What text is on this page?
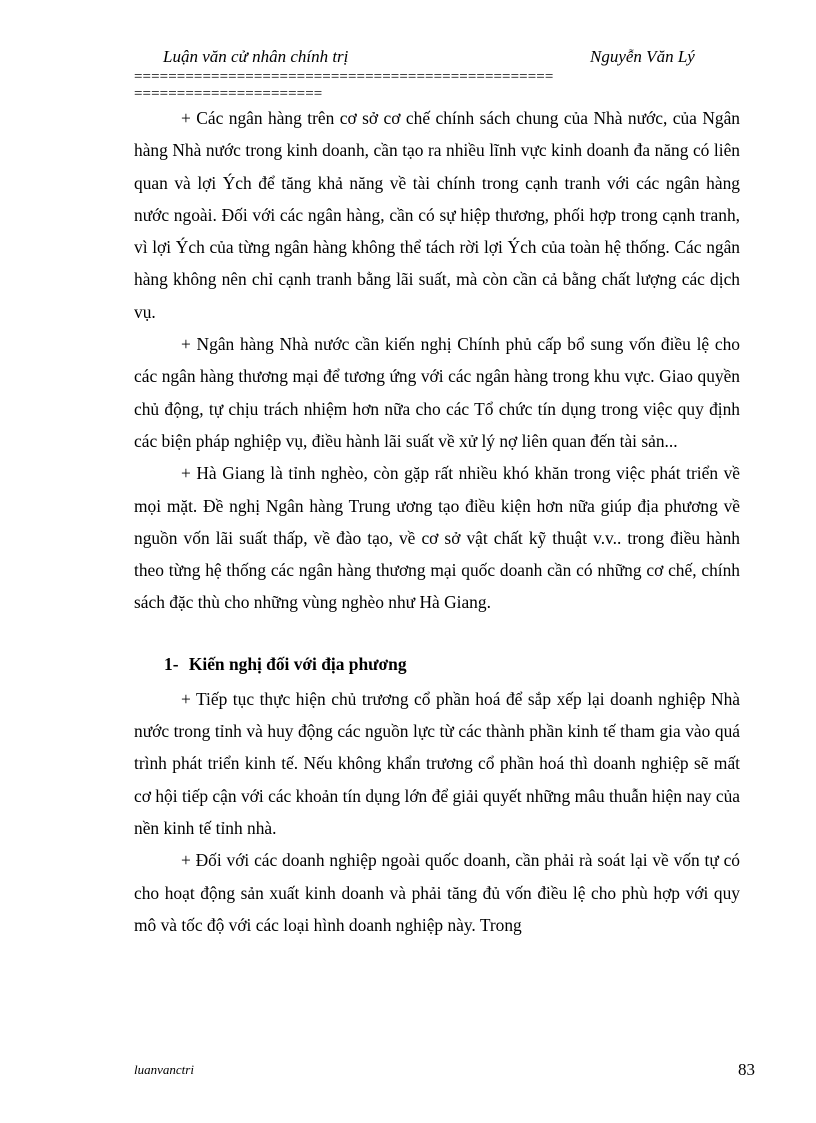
Luận văn cử nhân chính trị	Nguyễn Văn Lý
=================================================
======================

+ Các ngân hàng trên cơ sở cơ chế chính sách chung của Nhà nước, của Ngân hàng Nhà nước trong kinh doanh, cần tạo ra nhiều lĩnh vực kinh doanh đa năng có liên quan và lợi Ých để tăng khả năng về tài chính trong cạnh tranh với các ngân hàng nước ngoài. Đối với các ngân hàng, cần có sự hiệp thương, phối hợp trong cạnh tranh, vì lợi Ých của từng ngân hàng không thể tách rời lợi Ých của toàn hệ thống. Các ngân hàng không nên chỉ cạnh tranh bằng lãi suất, mà còn cần cả bằng chất lượng các dịch vụ.

+ Ngân hàng Nhà nước cần kiến nghị Chính phủ cấp bổ sung vốn điều lệ cho các ngân hàng thương mại để tương ứng với các ngân hàng trong khu vực. Giao quyền chủ động, tự chịu trách nhiệm hơn nữa cho các Tổ chức tín dụng trong việc quy định các biện pháp nghiệp vụ, điều hành lãi suất về xử lý nợ liên quan đến tài sản...

+ Hà Giang là tỉnh nghèo, còn gặp rất nhiều khó khăn trong việc phát triển về mọi mặt. Đề nghị Ngân hàng Trung ương tạo điều kiện hơn nữa giúp địa phương về nguồn vốn lãi suất thấp, về đào tạo, về cơ sở vật chất kỹ thuật v.v.. trong điều hành theo từng hệ thống các ngân hàng thương mại quốc doanh cần có những cơ chế, chính sách đặc thù cho những vùng nghèo như Hà Giang.

1- Kiến nghị đối với địa phương

+ Tiếp tục thực hiện chủ trương cổ phần hoá để sắp xếp lại doanh nghiệp Nhà nước trong tỉnh và huy động các nguồn lực từ các thành phần kinh tế tham gia vào quá trình phát triển kinh tế. Nếu không khẩn trương cổ phần hoá thì doanh nghiệp sẽ mất cơ hội tiếp cận với các khoản tín dụng lớn để giải quyết những mâu thuẫn hiện nay của nền kinh tế tỉnh nhà.

+ Đối với các doanh nghiệp ngoài quốc doanh, cần phải rà soát lại về vốn tự có cho hoạt động sản xuất kinh doanh và phải tăng đủ vốn điều lệ cho phù hợp với quy mô và tốc độ với các loại hình doanh nghiệp này. Trong

luanvanctri	83
